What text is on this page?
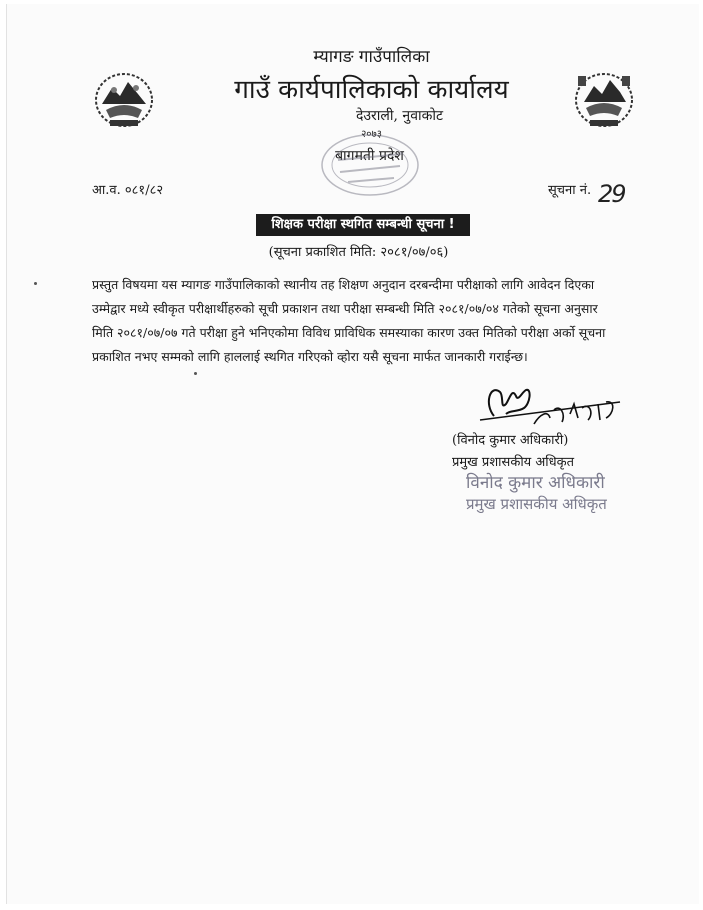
म्यागङ गाउँपालिका
गाउँ कार्यपालिकाको कार्यालय
देउराली, नुवाकोट
२०७३
बागमती प्रदेश
आ.व. ०८१/८२	सूचना नं. 29
शिक्षक परीक्षा स्थगित सम्बन्धी सूचना !
(सूचना प्रकाशित मिति: २०८१/०७/०६)
प्रस्तुत विषयमा यस म्यागङ गाउँपालिकाको स्थानीय तह शिक्षण अनुदान दरबन्दीमा परीक्षाको लागि आवेदन दिएका
उम्मेद्वार मध्ये स्वीकृत परीक्षार्थीहरुको सूची प्रकाशन तथा परीक्षा सम्बन्धी मिति २०८१/०७/०४ गतेको सूचना अनुसार
मिति २०८१/०७/०७ गते परीक्षा हुने भनिएकोमा विविध प्राविधिक समस्याका कारण उक्त मितिको परीक्षा अर्को सूचना
प्रकाशित नभए सम्मको लागि हाललाई स्थगित गरिएको व्हो‌रा यसै सूचना मार्फत जानकारी गराईन्छ।
(विनोद कुमार अधिकारी)
प्रमुख प्रशासकीय अधिकृत
विनोद कुमार अधिकारी
प्रमुख प्रशासकीय अधिकृत
